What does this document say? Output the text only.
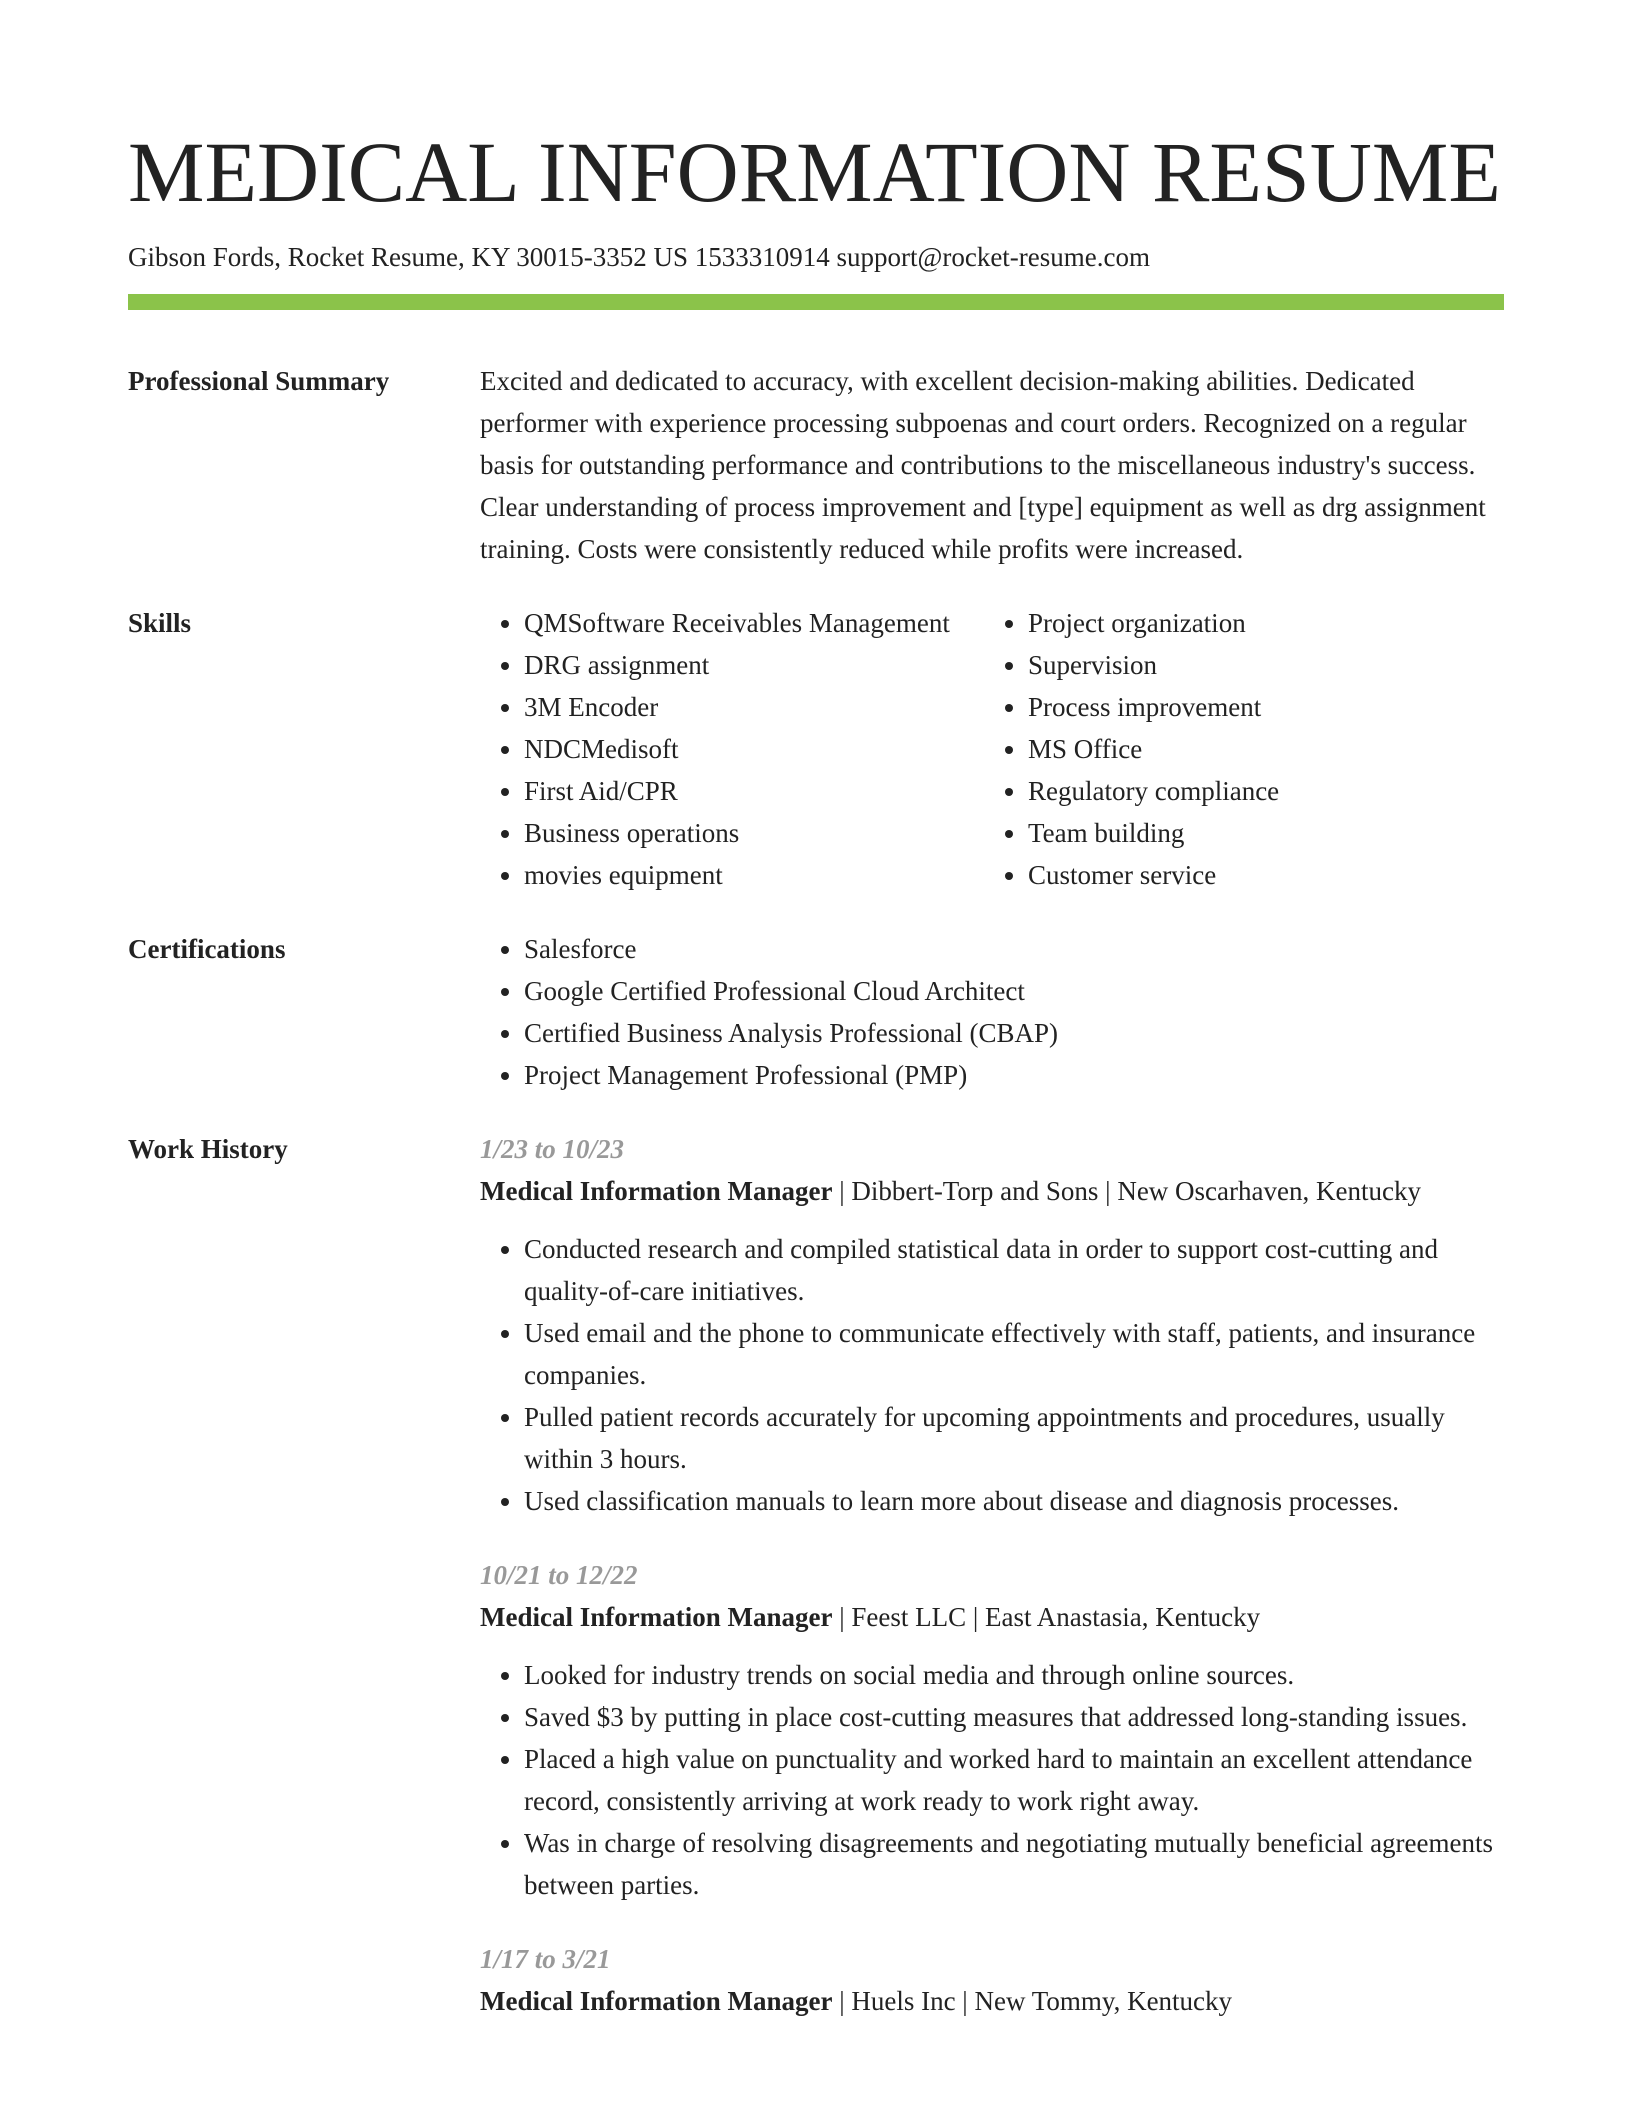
MEDICAL INFORMATION RESUME
Gibson Fords, Rocket Resume, KY 30015-3352 US 1533310914 support@rocket-resume.com
Professional Summary	Excited and dedicated to accuracy, with excellent decision-making abilities. Dedicated performer with experience processing subpoenas and court orders. Recognized on a regular basis for outstanding performance and contributions to the miscellaneous industry's success. Clear understanding of process improvement and [type] equipment as well as drg assignment training. Costs were consistently reduced while profits were increased.
Skills	• QMSoftware Receivables Management
• DRG assignment
• 3M Encoder
• NDCMedisoft
• First Aid/CPR
• Business operations
• movies equipment
• Project organization
• Supervision
• Process improvement
• MS Office
• Regulatory compliance
• Team building
• Customer service
Certifications	• Salesforce
• Google Certified Professional Cloud Architect
• Certified Business Analysis Professional (CBAP)
• Project Management Professional (PMP)
Work History	1/23 to 10/23
Medical Information Manager | Dibbert-Torp and Sons | New Oscarhaven, Kentucky
• Conducted research and compiled statistical data in order to support cost-cutting and quality-of-care initiatives.
• Used email and the phone to communicate effectively with staff, patients, and insurance companies.
• Pulled patient records accurately for upcoming appointments and procedures, usually within 3 hours.
• Used classification manuals to learn more about disease and diagnosis processes.
10/21 to 12/22
Medical Information Manager | Feest LLC | East Anastasia, Kentucky
• Looked for industry trends on social media and through online sources.
• Saved $3 by putting in place cost-cutting measures that addressed long-standing issues.
• Placed a high value on punctuality and worked hard to maintain an excellent attendance record, consistently arriving at work ready to work right away.
• Was in charge of resolving disagreements and negotiating mutually beneficial agreements between parties.
1/17 to 3/21
Medical Information Manager | Huels Inc | New Tommy, Kentucky
